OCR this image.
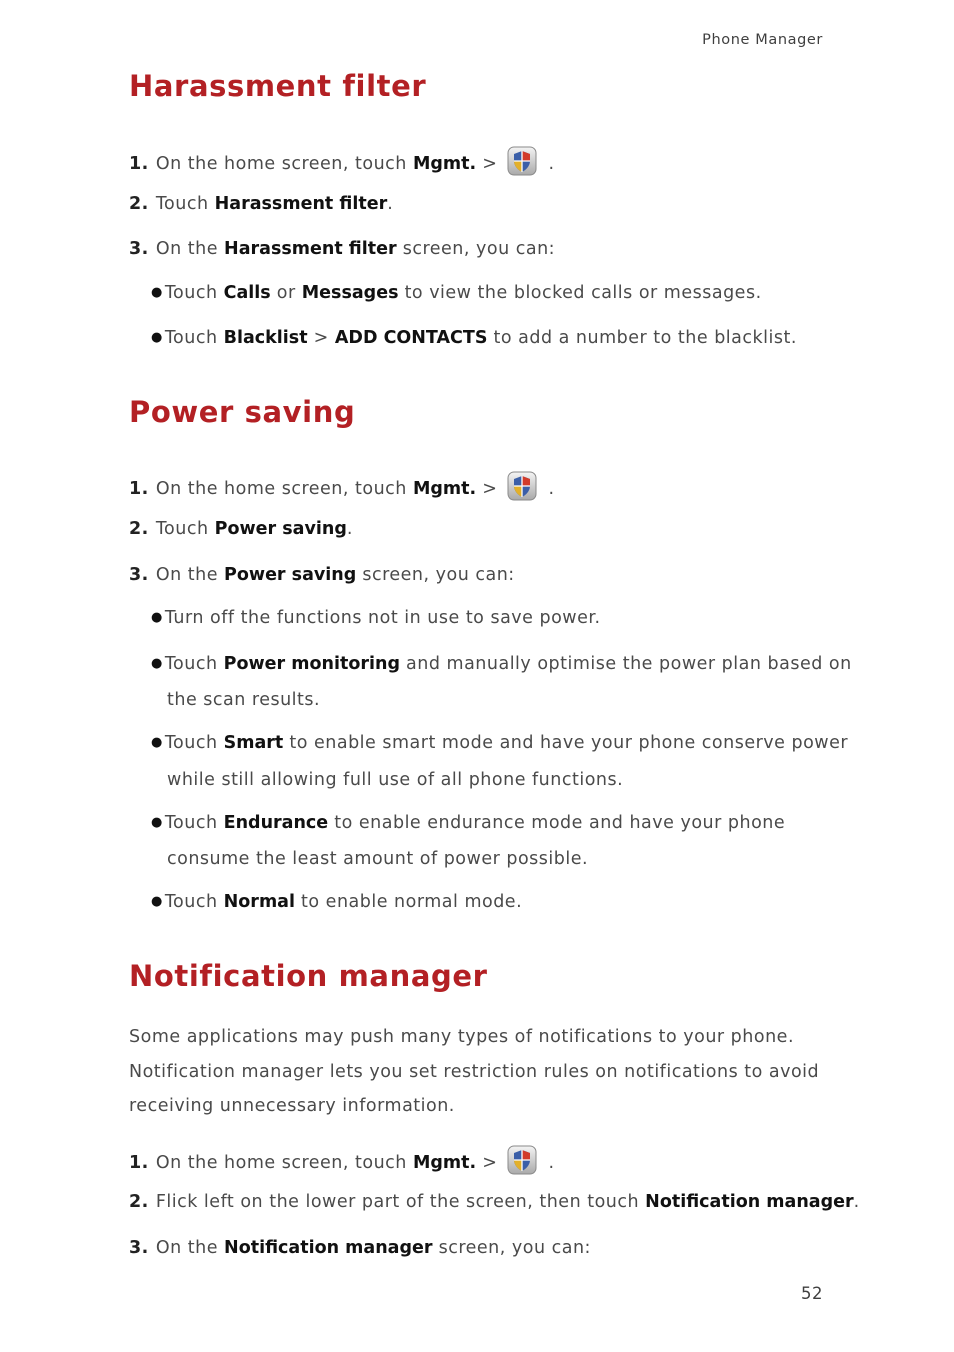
Phone Manager
52
Harassment filter
1. On the home screen, touch Mgmt. >  .
2. Touch Harassment filter.
3. On the Harassment filter screen, you can:
● Touch Calls or Messages to view the blocked calls or messages.
● Touch Blacklist > ADD CONTACTS to add a number to the blacklist.
Power saving
1. On the home screen, touch Mgmt. >  .
2. Touch Power saving.
3. On the Power saving screen, you can:
● Turn off the functions not in use to save power.
● Touch Power monitoring and manually optimise the power plan based on
the scan results.
● Touch Smart to enable smart mode and have your phone conserve power
while still allowing full use of all phone functions.
● Touch Endurance to enable endurance mode and have your phone
consume the least amount of power possible.
● Touch Normal to enable normal mode.
Notification manager
Some applications may push many types of notifications to your phone.
Notification manager lets you set restriction rules on notifications to avoid
receiving unnecessary information.
1. On the home screen, touch Mgmt. >  .
2. Flick left on the lower part of the screen, then touch Notification manager.
3. On the Notification manager screen, you can:
